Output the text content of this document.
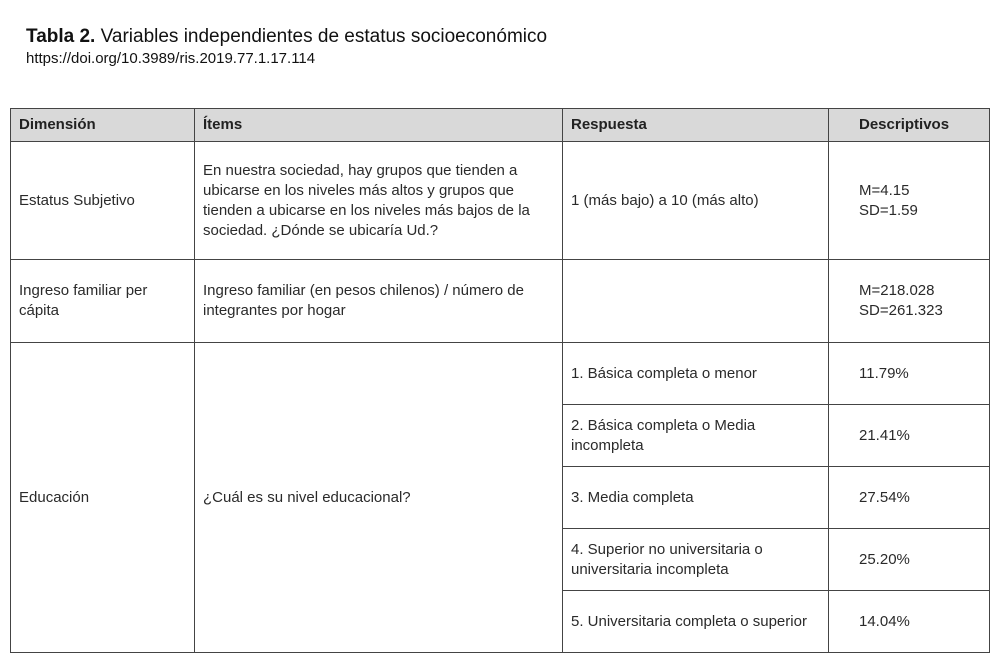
Tabla 2. Variables independientes de estatus socioeconómico
https://doi.org/10.3989/ris.2019.77.1.17.114
Dimensión	Ítems	Respuesta	Descriptivos
Estatus Subjetivo	En nuestra sociedad, hay grupos que tienden a ubicarse en los niveles más altos y grupos que tienden a ubicarse en los niveles más bajos de la sociedad. ¿Dónde se ubicaría Ud.?	1 (más bajo) a 10 (más alto)	M=4.15
SD=1.59
Ingreso familiar per cápita	Ingreso familiar (en pesos chilenos) / número de integrantes por hogar		M=218.028
SD=261.323
Educación	¿Cuál es su nivel educacional?	1. Básica completa o menor	11.79%
		2. Básica completa o Media incompleta	21.41%
		3. Media completa	27.54%
		4. Superior no universitaria o universitaria incompleta	25.20%
		5. Universitaria completa o superior	14.04%
